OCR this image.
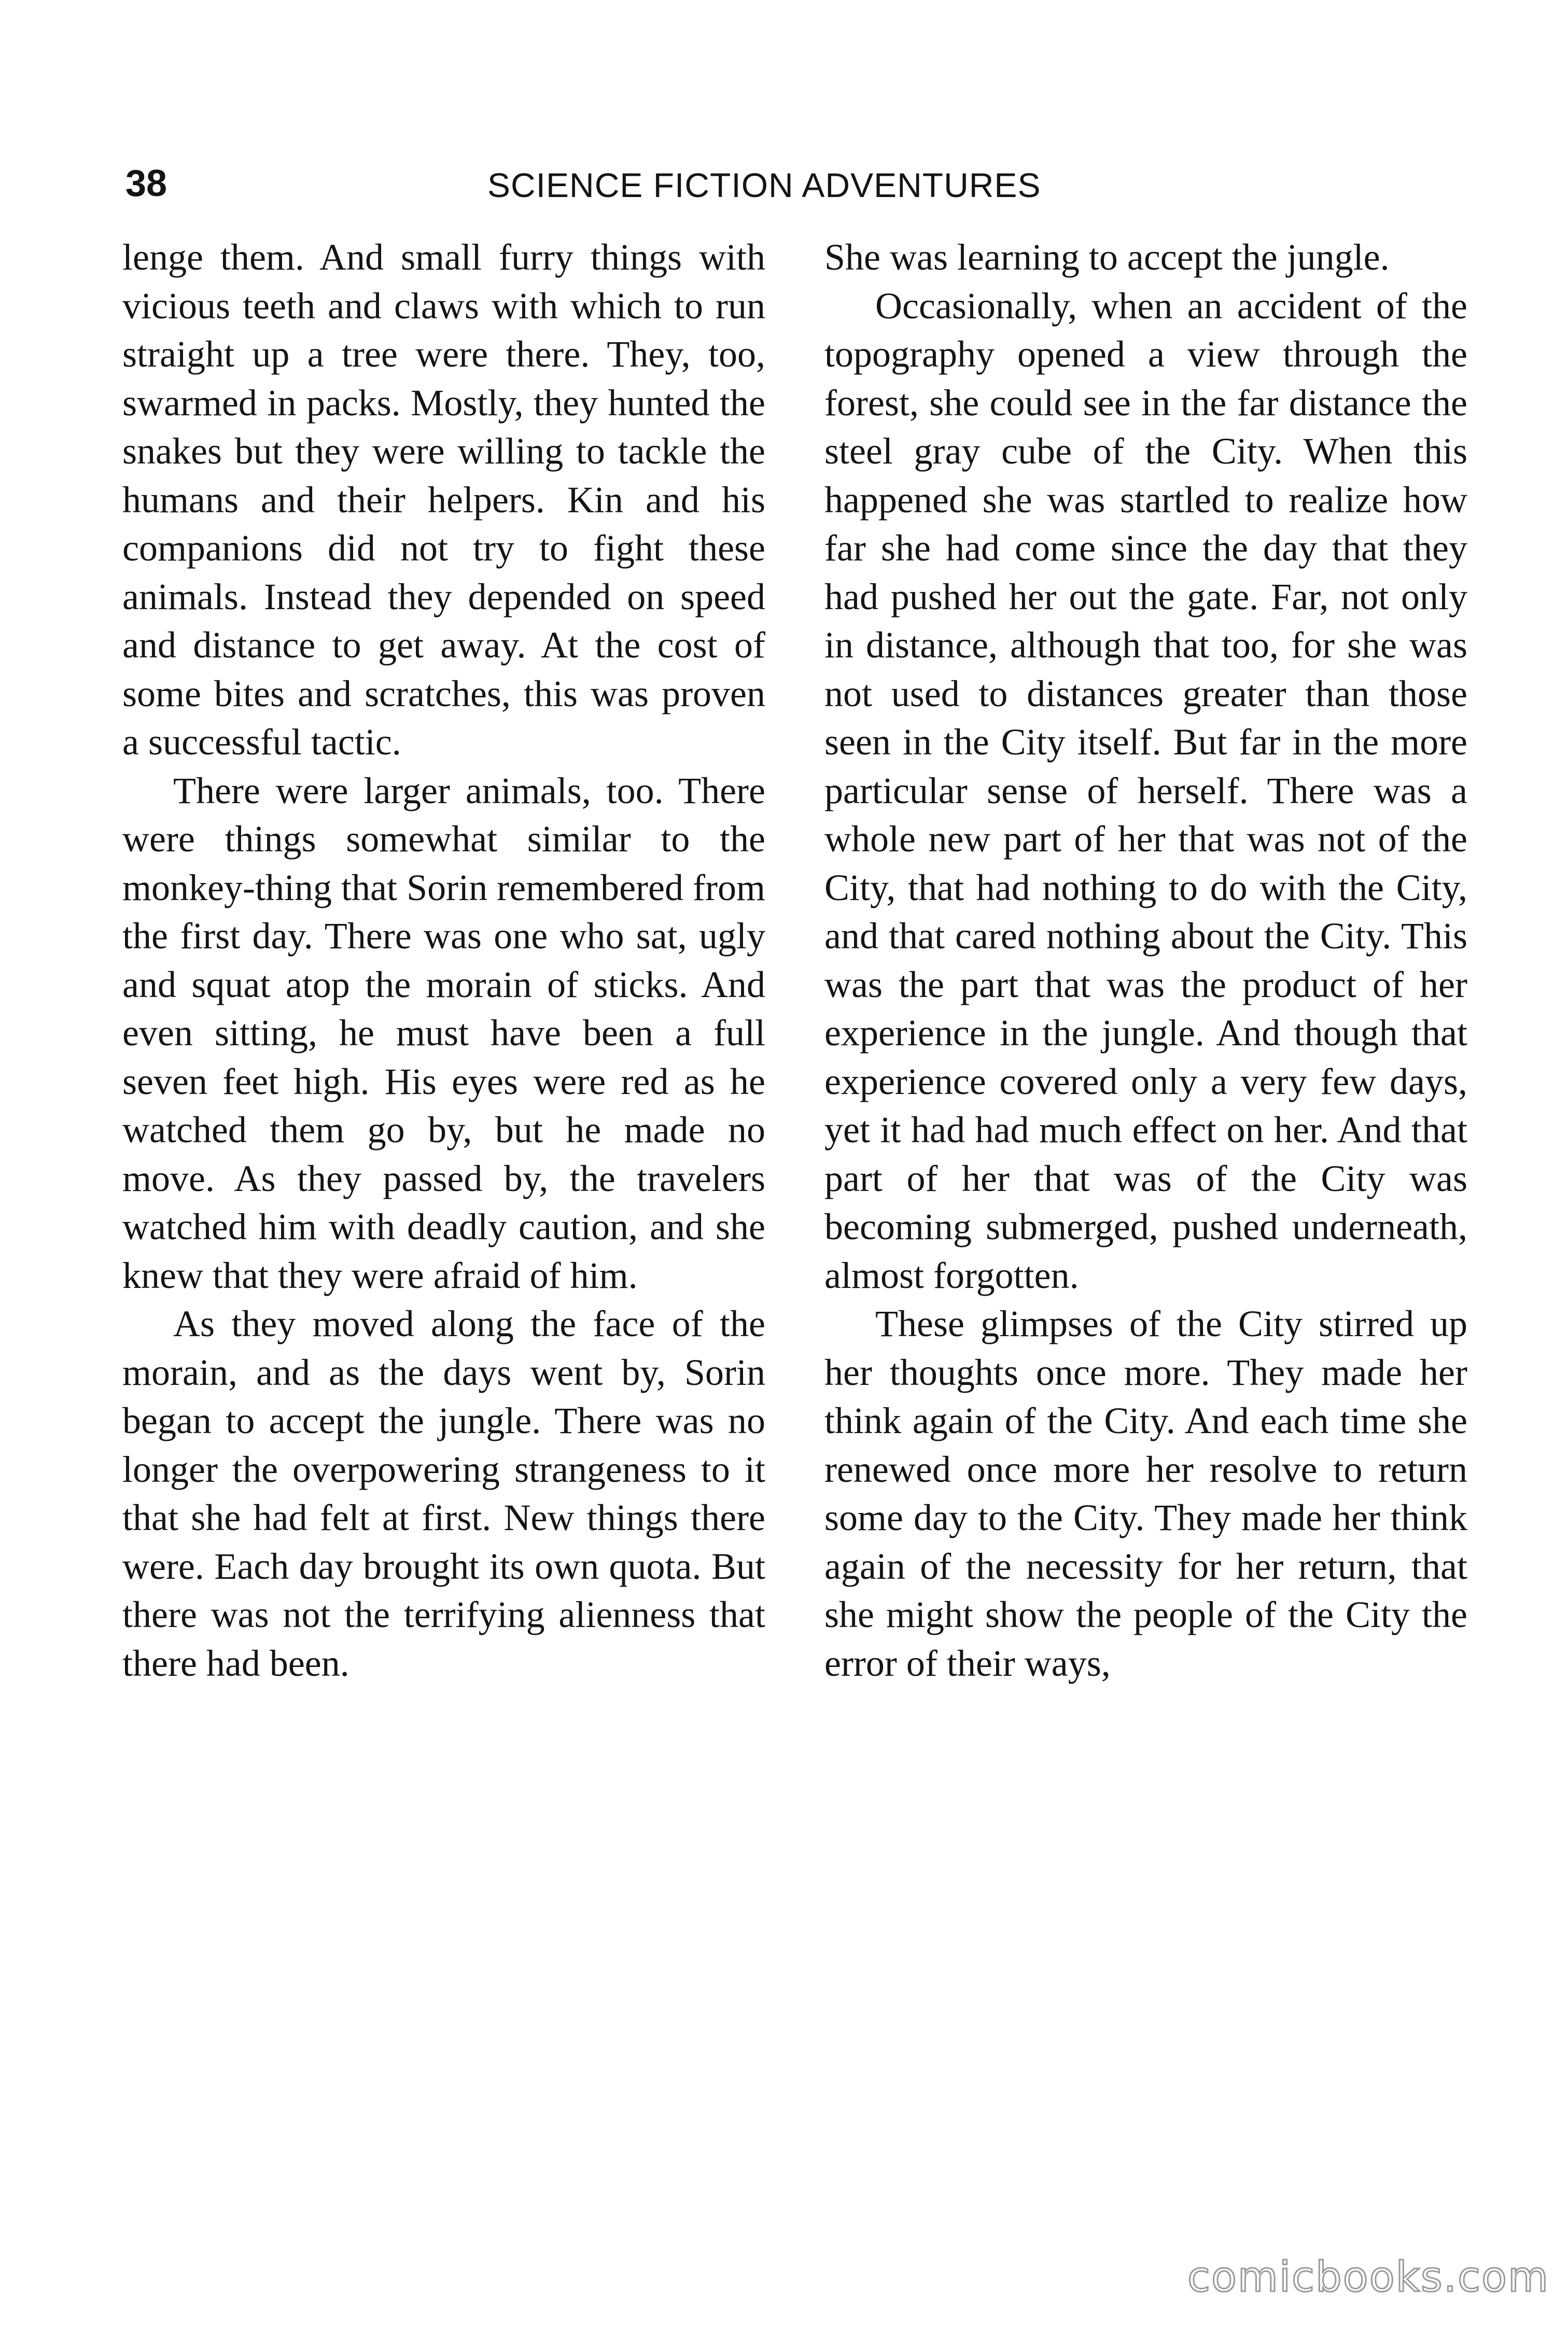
38	SCIENCE FICTION ADVENTURES

lenge them. And small furry things with vicious teeth and claws with which to run straight up a tree were there. They, too, swarmed in packs. Mostly, they hunted the snakes but they were willing to tackle the humans and their helpers. Kin and his companions did not try to fight these animals. Instead they depended on speed and distance to get away. At the cost of some bites and scratches, this was proven a successful tactic.

There were larger animals, too. There were things somewhat similar to the monkey-thing that Sorin remembered from the first day. There was one who sat, ugly and squat atop the morain of sticks. And even sitting, he must have been a full seven feet high. His eyes were red as he watched them go by, but he made no move. As they passed by, the travelers watched him with deadly caution, and she knew that they were afraid of him.

As they moved along the face of the morain, and as the days went by, Sorin began to accept the jungle. There was no longer the overpowering strangeness to it that she had felt at first. New things there were. Each day brought its own quota. But there was not the terrifying alienness that there had been.

She was learning to accept the jungle.

Occasionally, when an accident of the topography opened a view through the forest, she could see in the far distance the steel gray cube of the City. When this happened she was startled to realize how far she had come since the day that they had pushed her out the gate. Far, not only in distance, although that too, for she was not used to distances greater than those seen in the City itself. But far in the more particular sense of herself. There was a whole new part of her that was not of the City, that had nothing to do with the City, and that cared nothing about the City. This was the part that was the product of her experience in the jungle. And though that experience covered only a very few days, yet it had had much effect on her. And that part of her that was of the City was becoming submerged, pushed underneath, almost forgotten.

These glimpses of the City stirred up her thoughts once more. They made her think again of the City. And each time she renewed once more her resolve to return some day to the City. They made her think again of the necessity for her return, that she might show the people of the City the error of their ways,

comicbooks.com
